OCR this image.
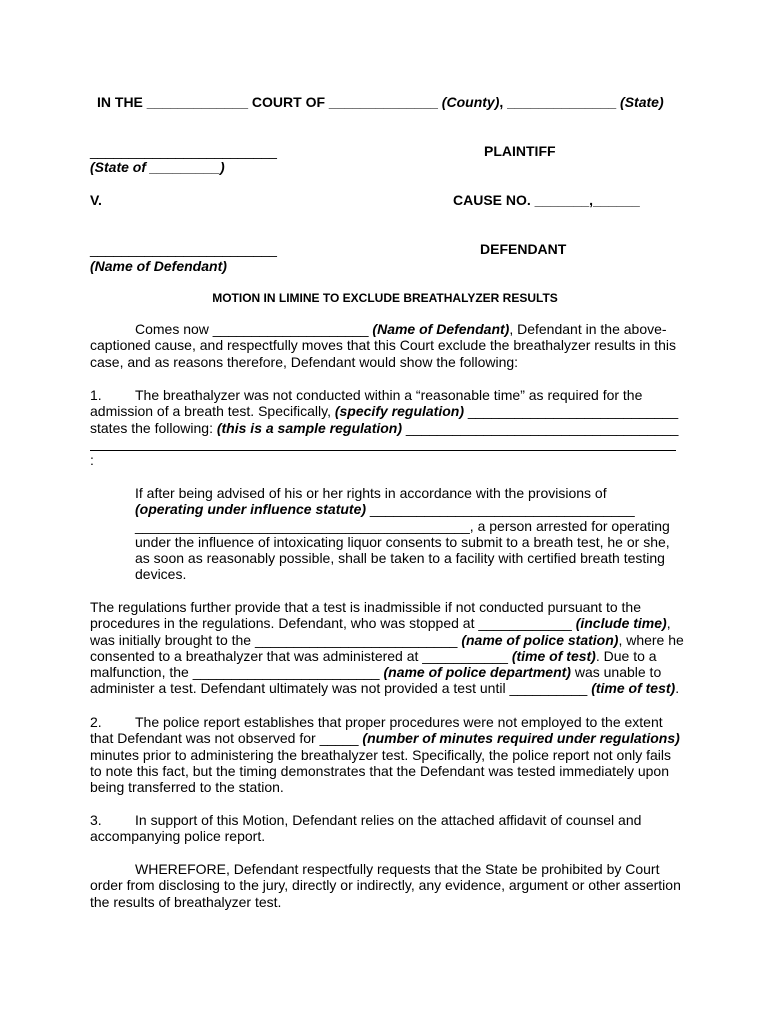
IN THE _____________ COURT OF ______________ (County), ______________ (State)
________________________	PLAINTIFF
(State of _________)
V.	CAUSE NO. _______,______
________________________	DEFENDANT
(Name of Defendant)
MOTION IN LIMINE TO EXCLUDE BREATHALYZER RESULTS
Comes now ____________________ (Name of Defendant), Defendant in the above-
captioned cause, and respectfully moves that this Court exclude the breathalyzer results in this
case, and as reasons therefore, Defendant would show the following:
1. The breathalyzer was not conducted within a “reasonable time” as required for the
admission of a breath test. Specifically, (specify regulation) ___________________________
states the following: (this is a sample regulation) ___________________________________
:
If after being advised of his or her rights in accordance with the provisions of
(operating under influence statute) __________________________________
___________________________________________, a person arrested for operating
under the influence of intoxicating liquor consents to submit to a breath test, he or she,
as soon as reasonably possible, shall be taken to a facility with certified breath testing
devices.
The regulations further provide that a test is inadmissible if not conducted pursuant to the
procedures in the regulations. Defendant, who was stopped at ____________ (include time),
was initially brought to the __________________________ (name of police station), where he
consented to a breathalyzer that was administered at ___________ (time of test). Due to a
malfunction, the ________________________ (name of police department) was unable to
administer a test. Defendant ultimately was not provided a test until __________ (time of test).
2. The police report establishes that proper procedures were not employed to the extent
that Defendant was not observed for _____ (number of minutes required under regulations)
minutes prior to administering the breathalyzer test. Specifically, the police report not only fails
to note this fact, but the timing demonstrates that the Defendant was tested immediately upon
being transferred to the station.
3. In support of this Motion, Defendant relies on the attached affidavit of counsel and
accompanying police report.
WHEREFORE, Defendant respectfully requests that the State be prohibited by Court
order from disclosing to the jury, directly or indirectly, any evidence, argument or other assertion
the results of breathalyzer test.
